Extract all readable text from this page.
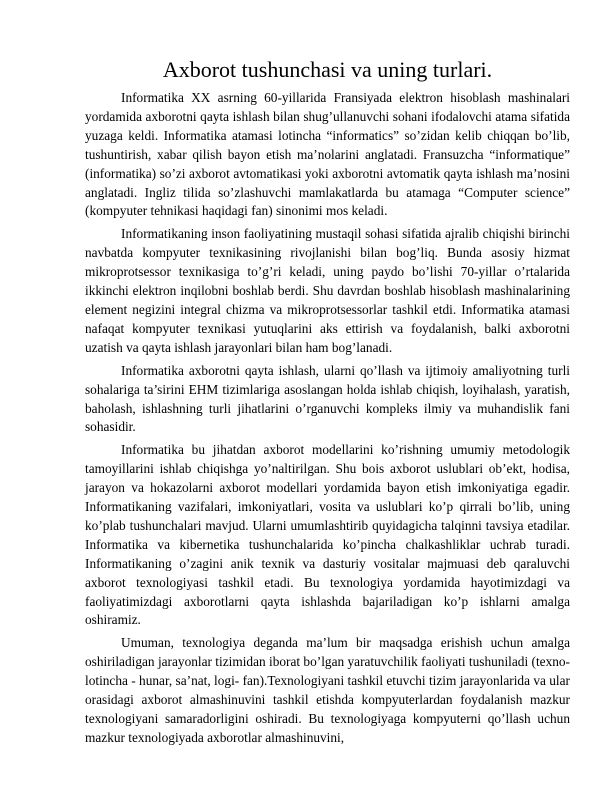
Axborot tushunchasi va uning turlari.

Informatika XX asrning 60-yillarida Fransiyada elektron hisoblash mashinalari yordamida axborotni qayta ishlash bilan shug’ullanuvchi sohani ifodalovchi atama sifatida yuzaga keldi. Informatika atamasi lotincha “informatics” so’zidan kelib chiqqan bo’lib, tushuntirish, xabar qilish bayon etish ma’nolarini anglatadi. Fransuzcha “informatique” (informatika) so’zi axborot avtomatikasi yoki axborotni avtomatik qayta ishlash ma’nosini anglatadi. Ingliz tilida so’zlashuvchi mamlakatlarda bu atamaga “Computer science” (kompyuter tehnikasi haqidagi fan) sinonimi mos keladi.

Informatikaning inson faoliyatining mustaqil sohasi sifatida ajralib chiqishi birinchi navbatda kompyuter texnikasining rivojlanishi bilan bog’liq. Bunda asosiy hizmat mikroprotsessor texnikasiga to’g’ri keladi, uning paydo bo’lishi 70-yillar o’rtalarida ikkinchi elektron inqilobni boshlab berdi. Shu davrdan boshlab hisoblash mashinalarining element negizini integral chizma va mikroprotsessorlar tashkil etdi. Informatika atamasi nafaqat kompyuter texnikasi yutuqlarini aks ettirish va foydalanish, balki axborotni uzatish va qayta ishlash jarayonlari bilan ham bog’lanadi.

Informatika axborotni qayta ishlash, ularni qo’llash va ijtimoiy amaliyotning turli sohalariga ta’sirini EHM tizimlariga asoslangan holda ishlab chiqish, loyihalash, yaratish, baholash, ishlashning turli jihatlarini o’rganuvchi kompleks ilmiy va muhandislik fani sohasidir.

Informatika bu jihatdan axborot modellarini ko’rishning umumiy metodologik tamoyillarini ishlab chiqishga yo’naltirilgan. Shu bois axborot uslublari ob’ekt, hodisa, jarayon va hokazolarni axborot modellari yordamida bayon etish imkoniyatiga egadir. Informatikaning vazifalari, imkoniyatlari, vosita va uslublari ko’p qirrali bo’lib, uning ko’plab tushunchalari mavjud. Ularni umumlashtirib quyidagicha talqinni tavsiya etadilar. Informatika va kibernetika tushunchalarida ko’pincha chalkashliklar uchrab turadi. Informatikaning o’zagini anik texnik va dasturiy vositalar majmuasi deb qaraluvchi axborot texnologiyasi tashkil etadi. Bu texnologiya yordamida hayotimizdagi va faoliyatimizdagi axborotlarni qayta ishlashda bajariladigan ko’p ishlarni amalga oshiramiz.

Umuman, texnologiya deganda ma’lum bir maqsadga erishish uchun amalga oshiriladigan jarayonlar tizimidan iborat bo’lgan yaratuvchilik faoliyati tushuniladi (texno-lotincha - hunar, sa’nat, logi- fan).Texnologiyani tashkil etuvchi tizim jarayonlarida va ular orasidagi axborot almashinuvini tashkil etishda kompyuterlardan foydalanish mazkur texnologiyani samaradorligini oshiradi. Bu texnologiyaga kompyuterni qo’llash uchun mazkur texnologiyada axborotlar almashinuvini,
